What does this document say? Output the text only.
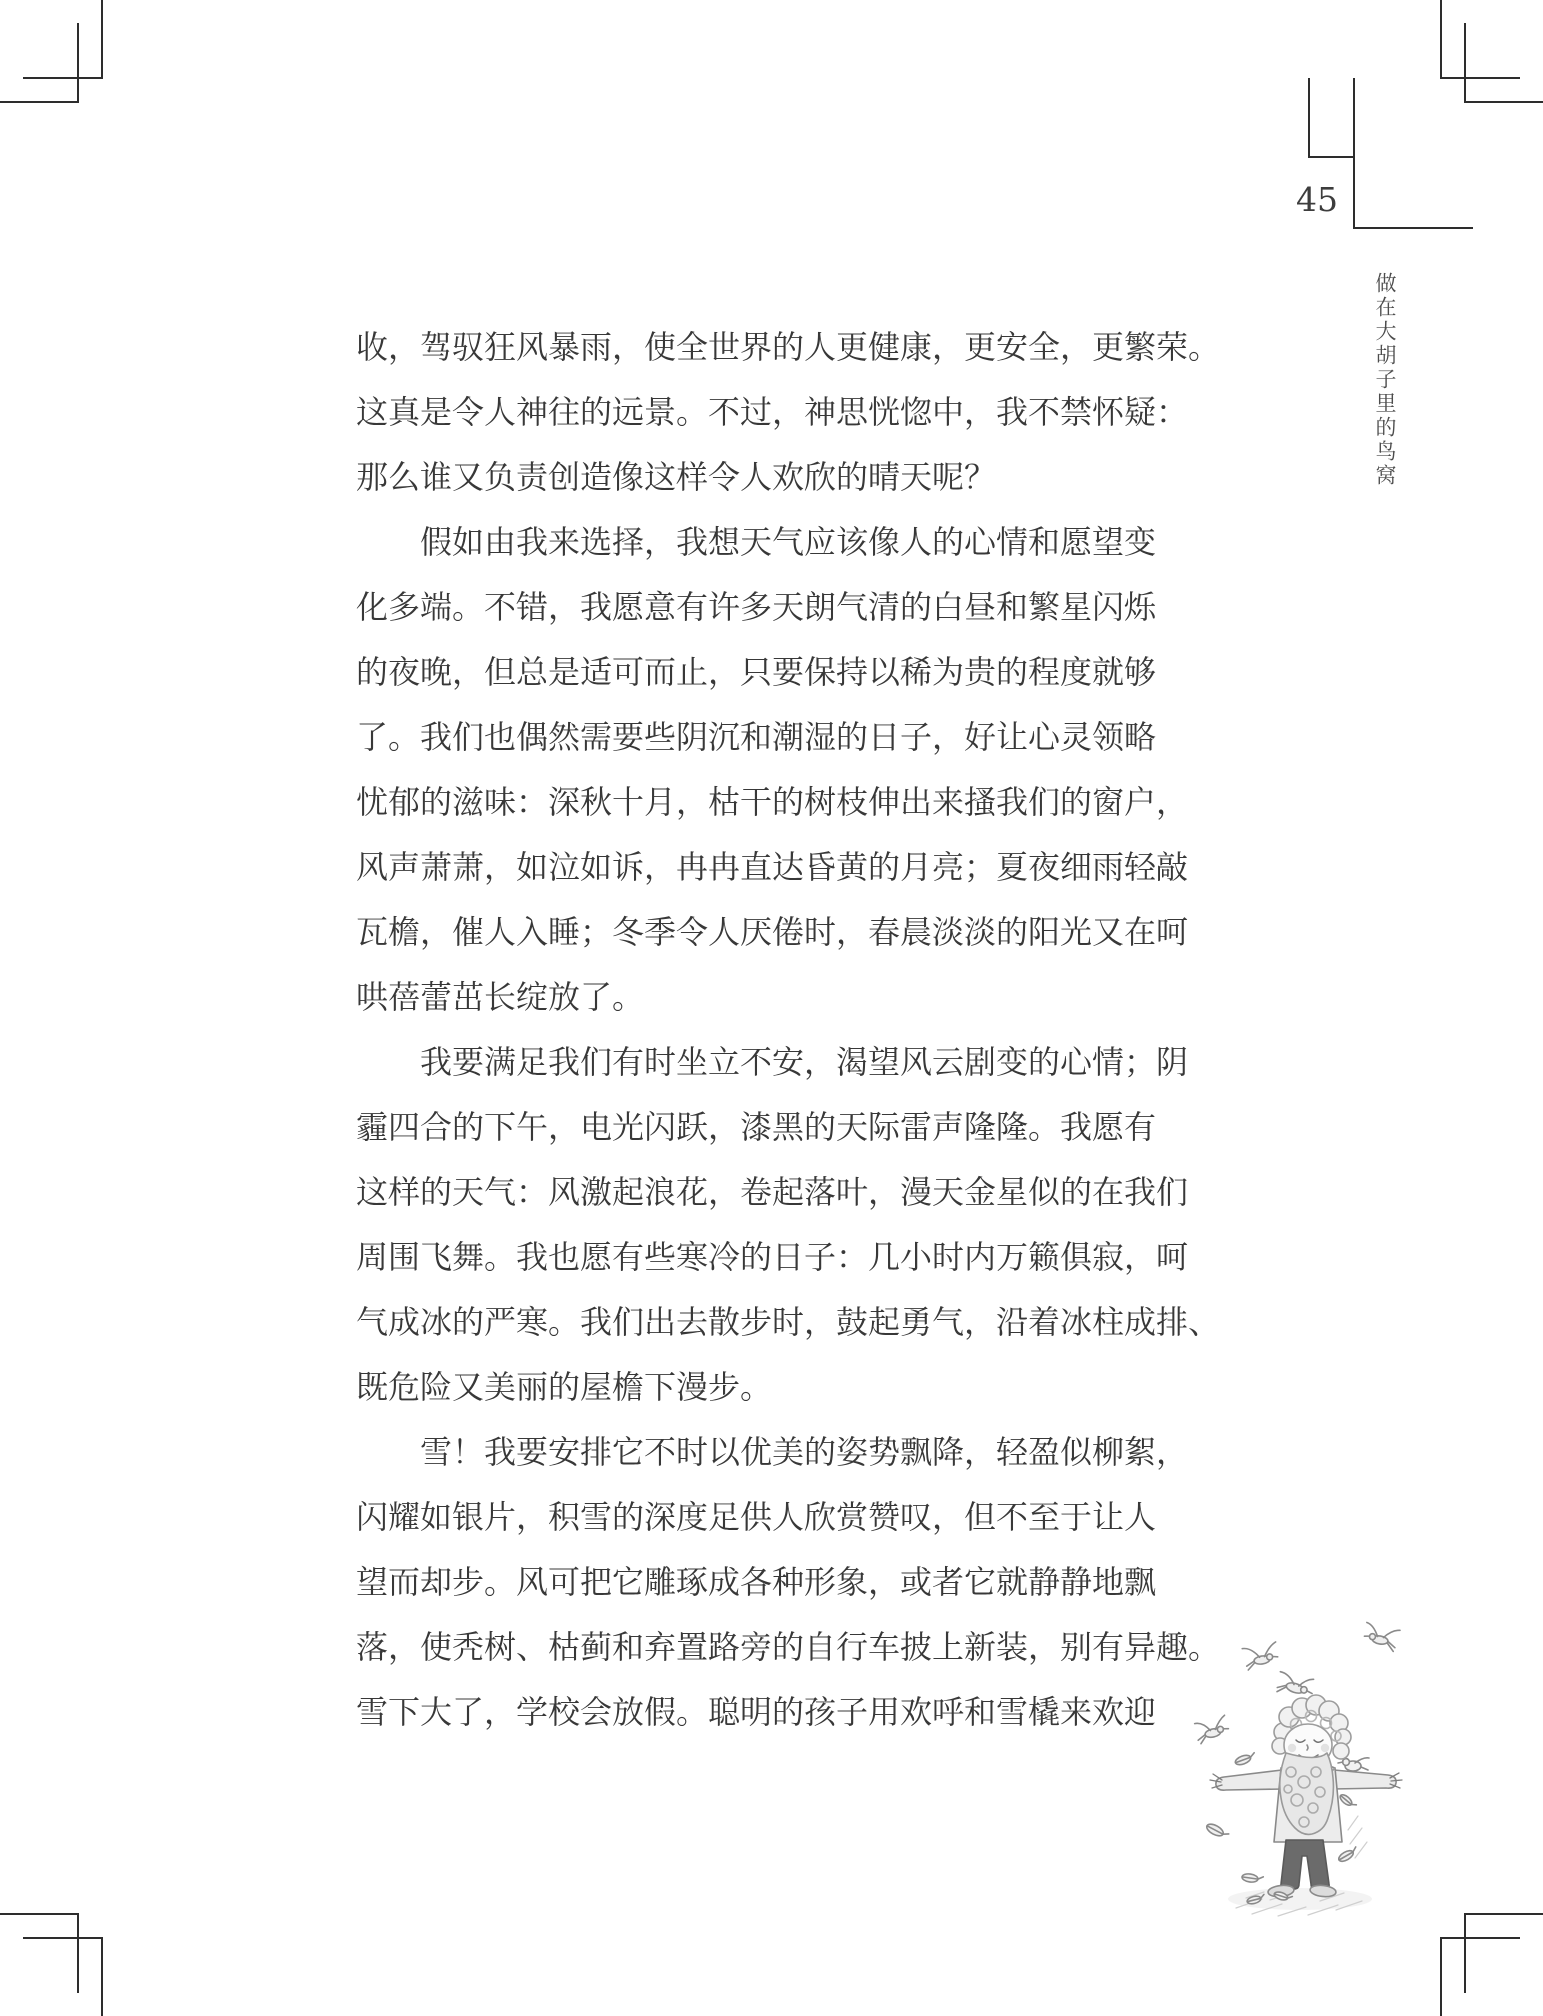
45
做在大胡子里的鸟窝
收，驾驭狂风暴雨，使全世界的人更健康，更安全，更繁荣。
这真是令人神往的远景。不过，神思恍惚中，我不禁怀疑：
那么谁又负责创造像这样令人欢欣的晴天呢？
假如由我来选择，我想天气应该像人的心情和愿望变
化多端。不错，我愿意有许多天朗气清的白昼和繁星闪烁
的夜晚，但总是适可而止，只要保持以稀为贵的程度就够
了。我们也偶然需要些阴沉和潮湿的日子，好让心灵领略
忧郁的滋味：深秋十月，枯干的树枝伸出来搔我们的窗户，
风声萧萧，如泣如诉，冉冉直达昏黄的月亮；夏夜细雨轻敲
瓦檐，催人入睡；冬季令人厌倦时，春晨淡淡的阳光又在呵
哄蓓蕾茁长绽放了。
我要满足我们有时坐立不安，渴望风云剧变的心情；阴
霾四合的下午，电光闪跃，漆黑的天际雷声隆隆。我愿有
这样的天气：风激起浪花，卷起落叶，漫天金星似的在我们
周围飞舞。我也愿有些寒冷的日子：几小时内万籁俱寂，呵
气成冰的严寒。我们出去散步时，鼓起勇气，沿着冰柱成排、
既危险又美丽的屋檐下漫步。
雪！我要安排它不时以优美的姿势飘降，轻盈似柳絮，
闪耀如银片，积雪的深度足供人欣赏赞叹，但不至于让人
望而却步。风可把它雕琢成各种形象，或者它就静静地飘
落，使秃树、枯蓟和弃置路旁的自行车披上新装，别有异趣。
雪下大了，学校会放假。聪明的孩子用欢呼和雪橇来欢迎
